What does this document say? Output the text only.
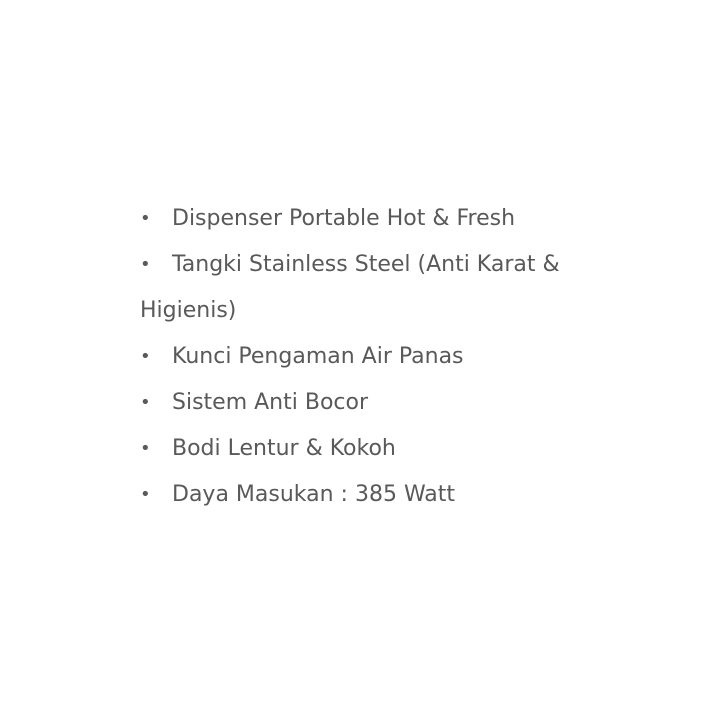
• Dispenser Portable Hot & Fresh
• Tangki Stainless Steel (Anti Karat & Higienis)
• Kunci Pengaman Air Panas
• Sistem Anti Bocor
• Bodi Lentur & Kokoh
• Daya Masukan : 385 Watt
